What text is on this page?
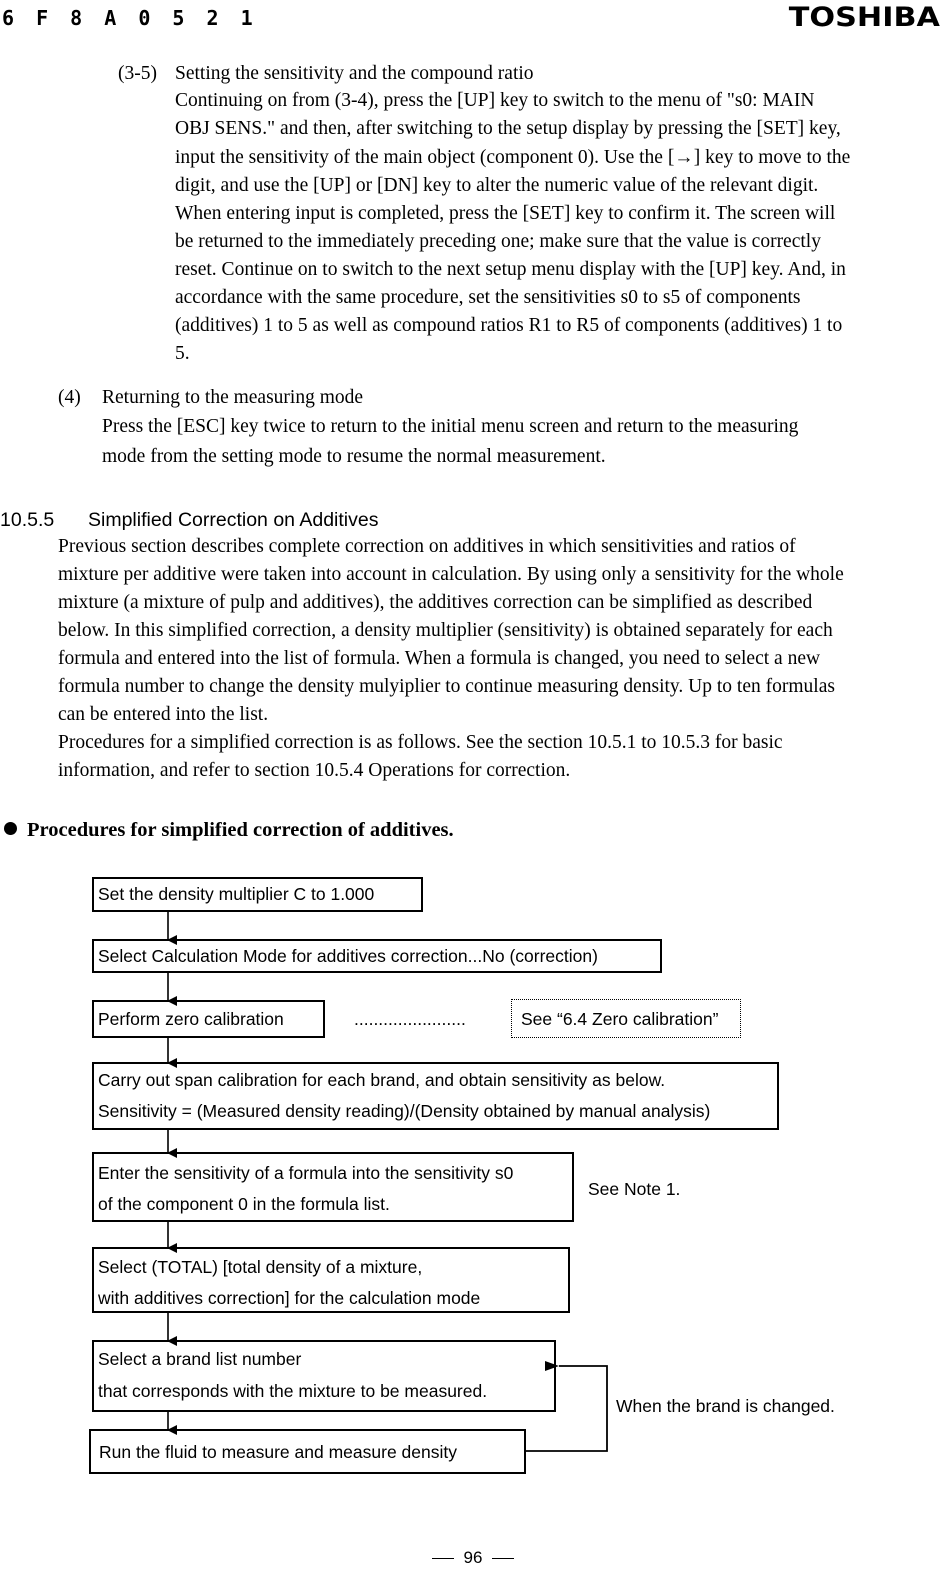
6 F 8 A 0 5 2 1	TOSHIBA
(3-5) Setting the sensitivity and the compound ratio
Continuing on from (3-4), press the [UP] key to switch to the menu of "s0: MAIN
OBJ SENS." and then, after switching to the setup display by pressing the [SET] key,
input the sensitivity of the main object (component 0). Use the [→] key to move to the
digit, and use the [UP] or [DN] key to alter the numeric value of the relevant digit.
When entering input is completed, press the [SET] key to confirm it. The screen will
be returned to the immediately preceding one; make sure that the value is correctly
reset. Continue on to switch to the next setup menu display with the [UP] key. And, in
accordance with the same procedure, set the sensitivities s0 to s5 of components
(additives) 1 to 5 as well as compound ratios R1 to R5 of components (additives) 1 to
5.
(4) Returning to the measuring mode
Press the [ESC] key twice to return to the initial menu screen and return to the measuring
mode from the setting mode to resume the normal measurement.
10.5.5 Simplified Correction on Additives
Previous section describes complete correction on additives in which sensitivities and ratios of
mixture per additive were taken into account in calculation. By using only a sensitivity for the whole
mixture (a mixture of pulp and additives), the additives correction can be simplified as described
below. In this simplified correction, a density multiplier (sensitivity) is obtained separately for each
formula and entered into the list of formula. When a formula is changed, you need to select a new
formula number to change the density mulyiplier to continue measuring density. Up to ten formulas
can be entered into the list.
Procedures for a simplified correction is as follows. See the section 10.5.1 to 10.5.3 for basic
information, and refer to section 10.5.4 Operations for correction.
Procedures for simplified correction of additives.
Set the density multiplier C to 1.000
Select Calculation Mode for additives correction...No (correction)
Perform zero calibration	.......................	See “6.4 Zero calibration”
Carry out span calibration for each brand, and obtain sensitivity as below.
Sensitivity = (Measured density reading)/(Density obtained by manual analysis)
Enter the sensitivity of a formula into the sensitivity s0
of the component 0 in the formula list.
See Note 1.
Select (TOTAL) [total density of a mixture,
with additives correction] for the calculation mode
Select a brand list number
that corresponds with the mixture to be measured.
When the brand is changed.
Run the fluid to measure and measure density
96
